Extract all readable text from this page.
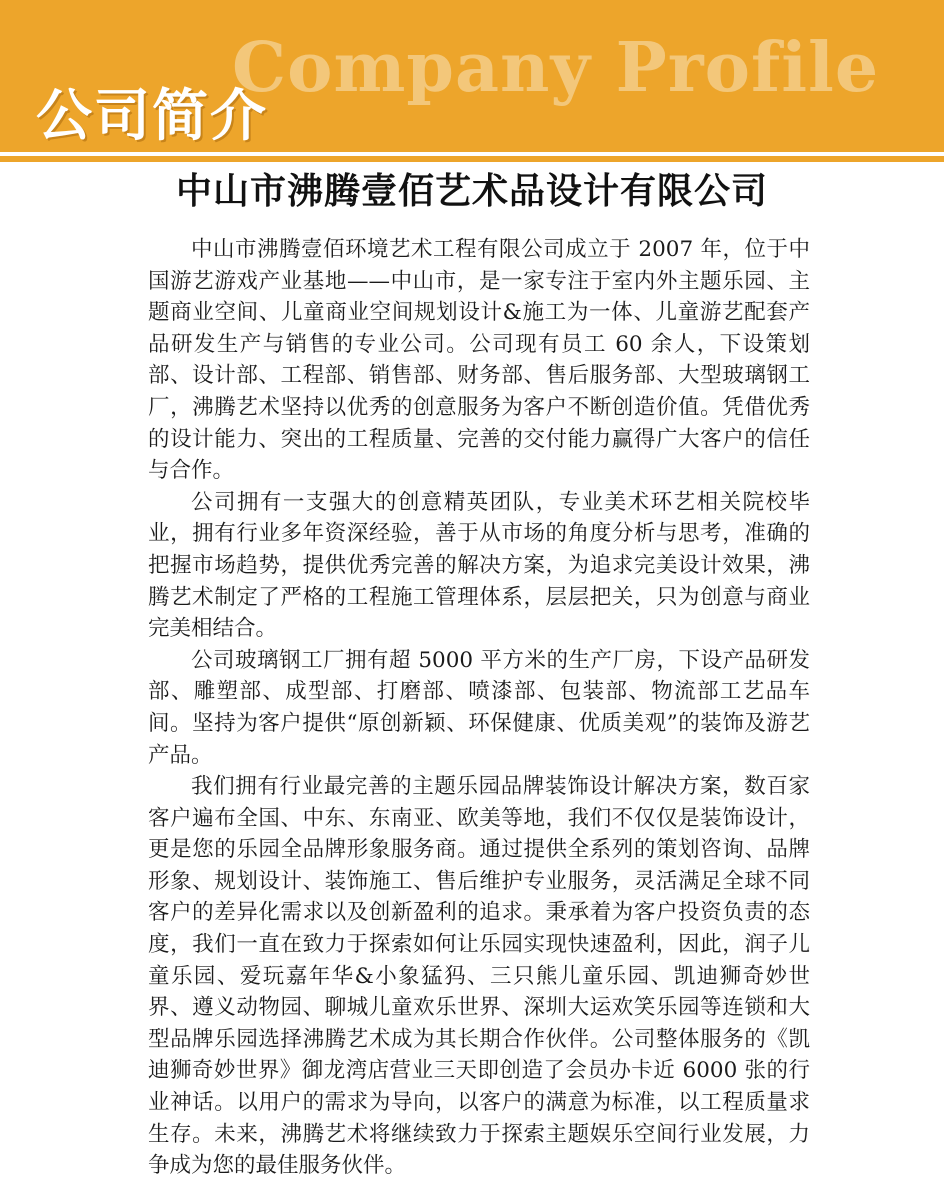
Company Profile
公司简介
中山市沸腾壹佰艺术品设计有限公司

中山市沸腾壹佰环境艺术工程有限公司成立于 2007 年，位于中国游艺游戏产业基地——中山市，是一家专注于室内外主题乐园、主题商业空间、儿童商业空间规划设计&施工为一体、儿童游艺配套产品研发生产与销售的专业公司。公司现有员工 60 余人，下设策划部、设计部、工程部、销售部、财务部、售后服务部、大型玻璃钢工厂，沸腾艺术坚持以优秀的创意服务为客户不断创造价值。凭借优秀的设计能力、突出的工程质量、完善的交付能力赢得广大客户的信任与合作。

公司拥有一支强大的创意精英团队，专业美术环艺相关院校毕业，拥有行业多年资深经验，善于从市场的角度分析与思考，准确的把握市场趋势，提供优秀完善的解决方案，为追求完美设计效果，沸腾艺术制定了严格的工程施工管理体系，层层把关，只为创意与商业完美相结合。

公司玻璃钢工厂拥有超 5000 平方米的生产厂房，下设产品研发部、雕塑部、成型部、打磨部、喷漆部、包装部、物流部工艺品车间。坚持为客户提供“原创新颖、环保健康、优质美观”的装饰及游艺产品。

我们拥有行业最完善的主题乐园品牌装饰设计解决方案，数百家客户遍布全国、中东、东南亚、欧美等地，我们不仅仅是装饰设计，更是您的乐园全品牌形象服务商。通过提供全系列的策划咨询、品牌形象、规划设计、装饰施工、售后维护专业服务，灵活满足全球不同客户的差异化需求以及创新盈利的追求。秉承着为客户投资负责的态度，我们一直在致力于探索如何让乐园实现快速盈利，因此，润子儿童乐园、爱玩嘉年华&小象猛犸、三只熊儿童乐园、凯迪狮奇妙世界、遵义动物园、聊城儿童欢乐世界、深圳大运欢笑乐园等连锁和大型品牌乐园选择沸腾艺术成为其长期合作伙伴。公司整体服务的《凯迪狮奇妙世界》御龙湾店营业三天即创造了会员办卡近 6000 张的行业神话。以用户的需求为导向，以客户的满意为标准，以工程质量求生存。未来，沸腾艺术将继续致力于探索主题娱乐空间行业发展，力争成为您的最佳服务伙伴。
